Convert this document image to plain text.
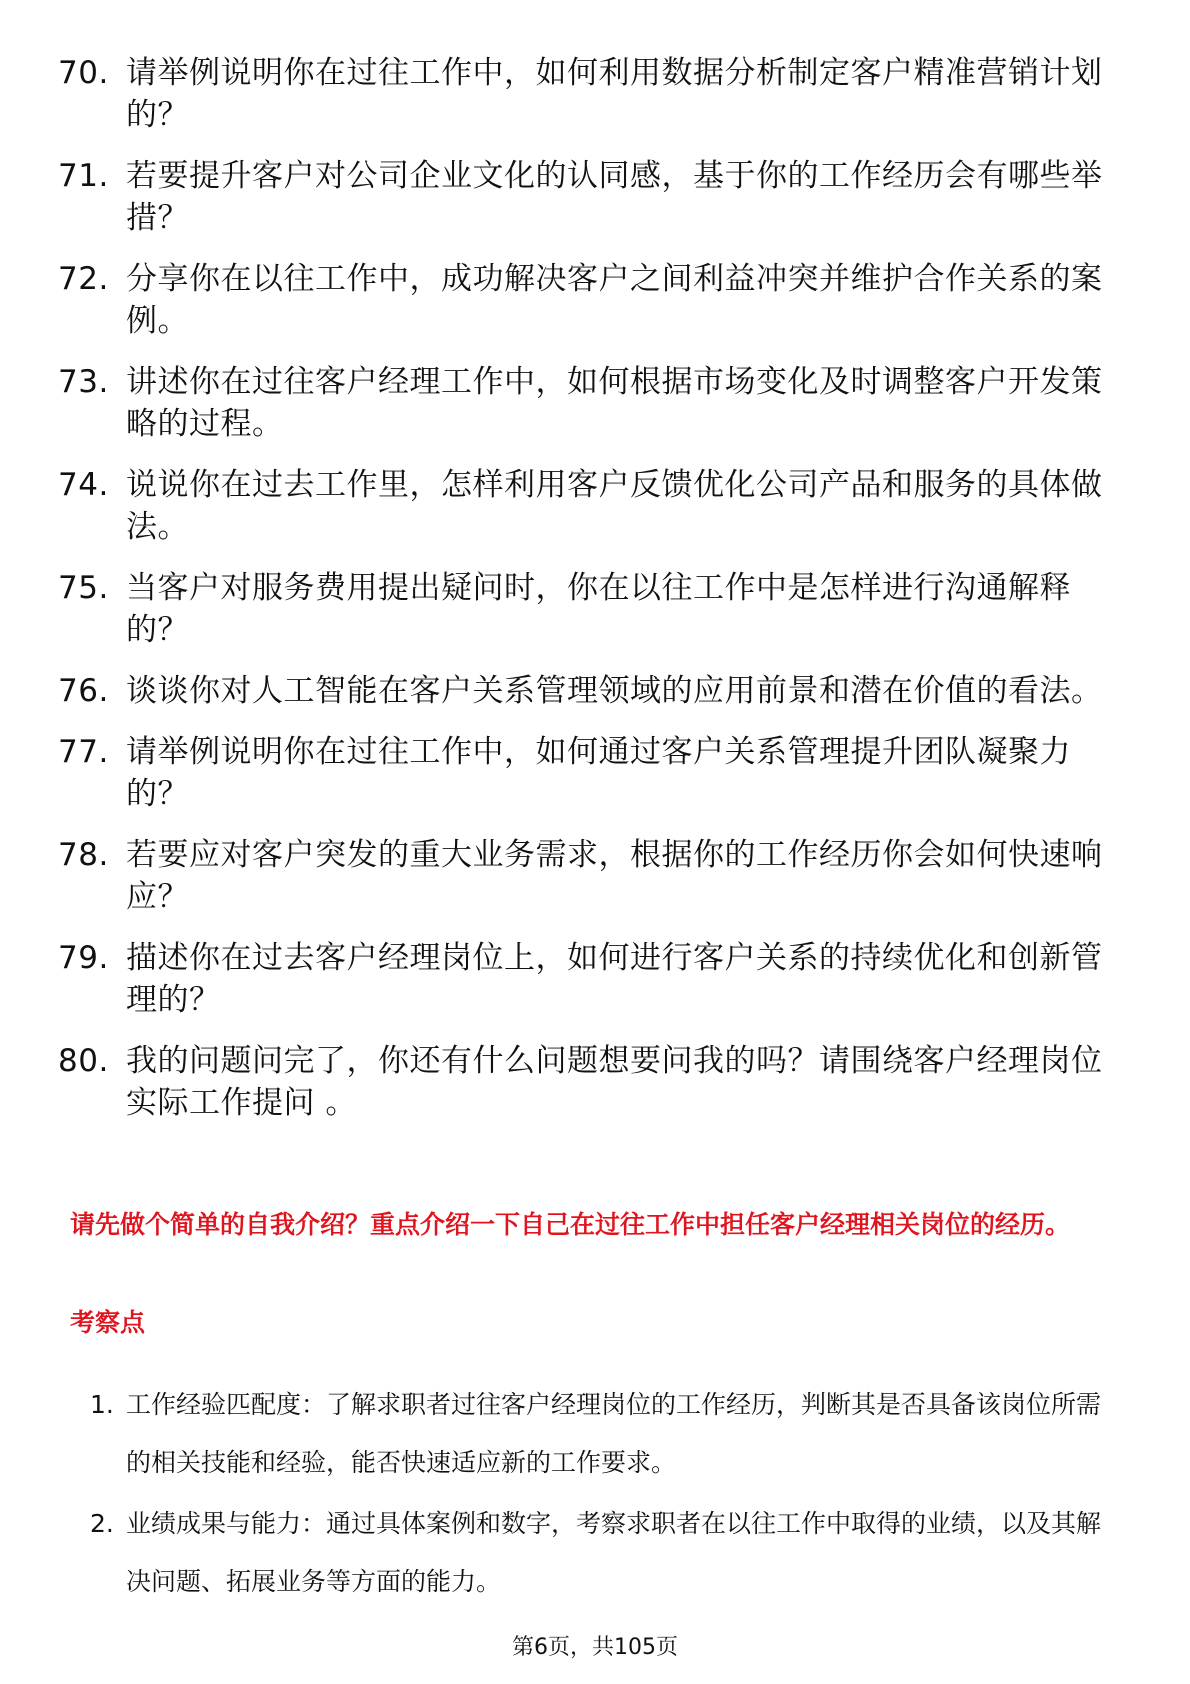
70. 请举例说明你在过往工作中，如何利用数据分析制定客户精准营销计划的？
71. 若要提升客户对公司企业文化的认同感，基于你的工作经历会有哪些举措？
72. 分享你在以往工作中，成功解决客户之间利益冲突并维护合作关系的案例。
73. 讲述你在过往客户经理工作中，如何根据市场变化及时调整客户开发策略的过程。
74. 说说你在过去工作里，怎样利用客户反馈优化公司产品和服务的具体做法。
75. 当客户对服务费用提出疑问时，你在以往工作中是怎样进行沟通解释的？
76. 谈谈你对人工智能在客户关系管理领域的应用前景和潜在价值的看法。
77. 请举例说明你在过往工作中，如何通过客户关系管理提升团队凝聚力的？
78. 若要应对客户突发的重大业务需求，根据你的工作经历你会如何快速响应？
79. 描述你在过去客户经理岗位上，如何进行客户关系的持续优化和创新管理的？
80. 我的问题问完了，你还有什么问题想要问我的吗？请围绕客户经理岗位实际工作提问 。

请先做个简单的自我介绍？重点介绍一下自己在过往工作中担任客户经理相关岗位的经历。

考察点

1. 工作经验匹配度：了解求职者过往客户经理岗位的工作经历，判断其是否具备该岗位所需的相关技能和经验，能否快速适应新的工作要求。
2. 业绩成果与能力：通过具体案例和数字，考察求职者在以往工作中取得的业绩，以及其解决问题、拓展业务等方面的能力。
第6页，共105页
